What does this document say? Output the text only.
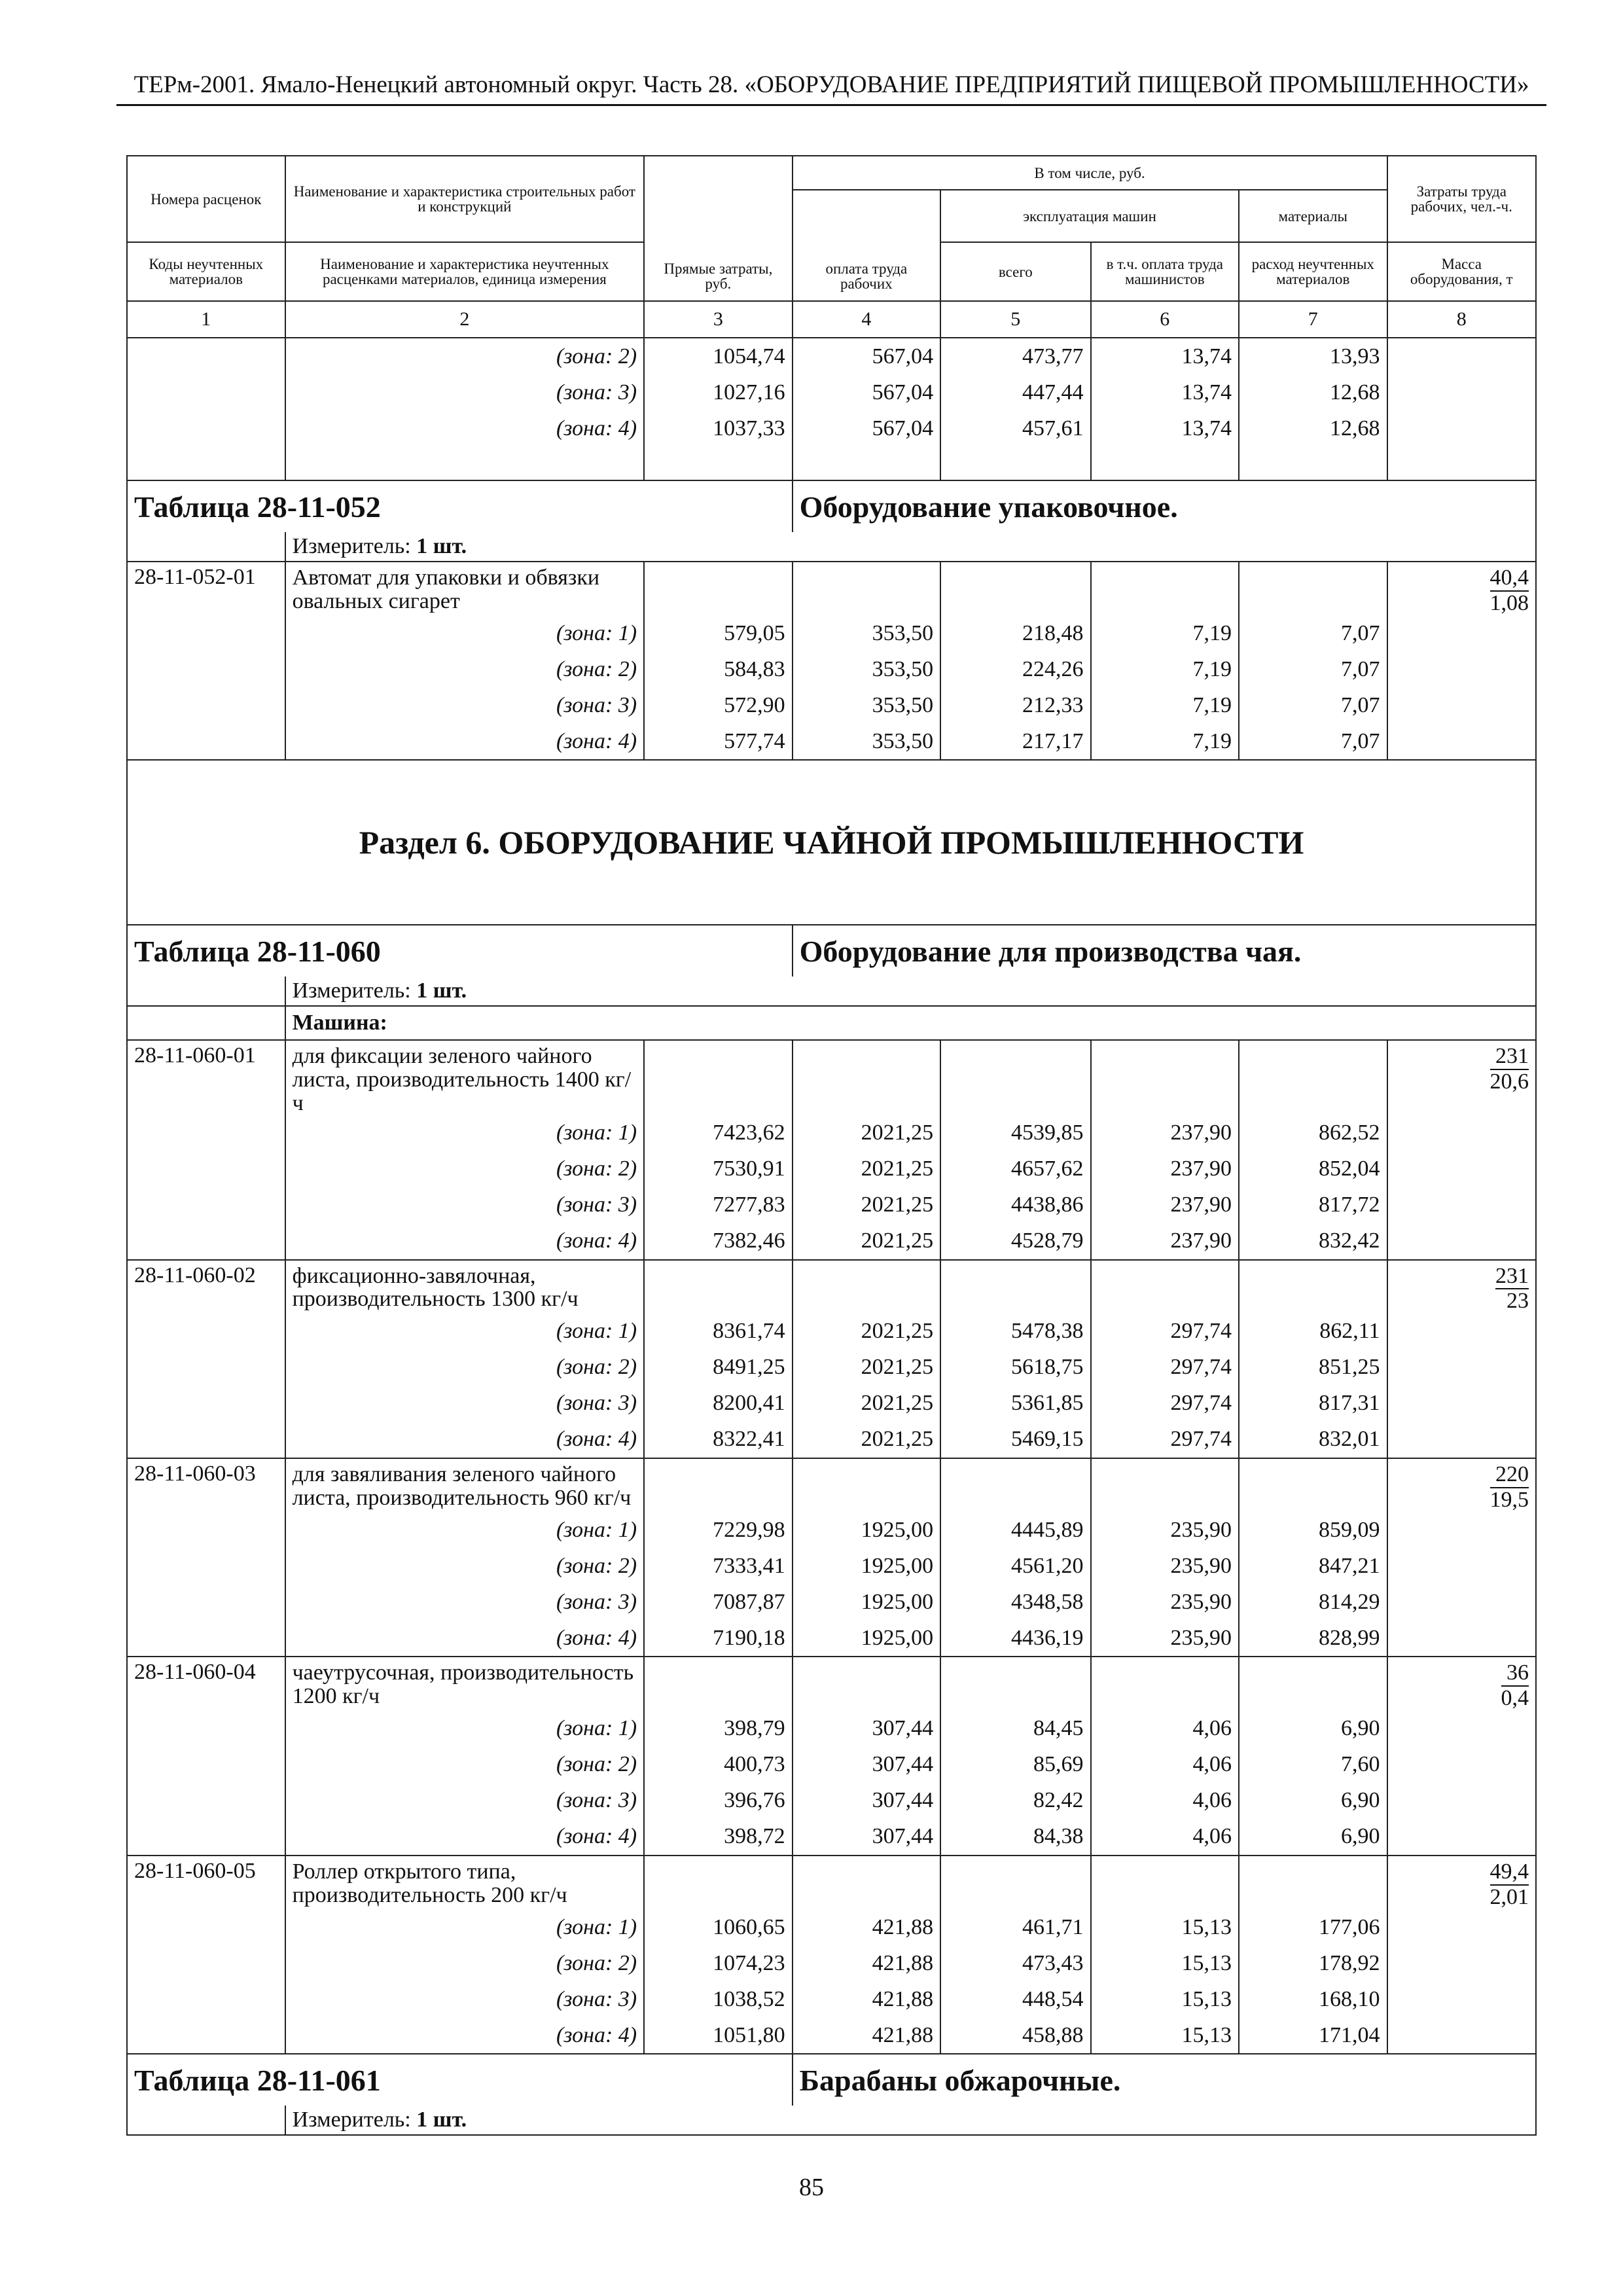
ТЕРм-2001. Ямало-Ненецкий автономный округ. Часть 28. «ОБОРУДОВАНИЕ ПРЕДПРИЯТИЙ ПИЩЕВОЙ ПРОМЫШЛЕННОСТИ»
Номера расценок	Наименование и характеристика строительных работ и конструкций	Прямые затраты, руб.	В том числе, руб.				Затраты труда рабочих, чел.-ч.
			оплата труда рабочих	эксплуатация машин		материалы	

Коды неучтенных материалов	Наименование и характеристика неучтенных расценками материалов, единица измерения			всего	в т.ч. оплата труда машинистов	расход неучтенных материалов	Масса оборудования, т

1	2	3	4	5	6	7	8
	(зона: 2)	1054,74	567,04	473,77	13,74	13,93	
	(зона: 3)	1027,16	567,04	447,44	13,74	12,68	
	(зона: 4)	1037,33	567,04	457,61	13,74	12,68	

Таблица 28-11-052			Оборудование упаковочное.				
	Измеритель: 1 шт.						
28-11-052-01	Автомат для упаковки и обвязки овальных сигарет						$\frac{40,4}{1,08}$

	(зона: 1)	579,05	353,50	218,48	7,19	7,07	
	(зона: 2)	584,83	353,50	224,26	7,19	7,07	
	(зона: 3)	572,90	353,50	212,33	7,19	7,07	
	(зона: 4)	577,74	353,50	217,17	7,19	7,07	
Раздел 6. ОБОРУДОВАНИЕ ЧАЙНОЙ ПРОМЫШЛЕННОСТИ							
Таблица 28-11-060			Оборудование для производства чая.				
	Измеритель: 1 шт.						
	Машина:						
28-11-060-01	для фиксации зеленого чайного листа, производительность 1400 кг/ч						$\frac{231}{20,6}$

	(зона: 1)	7423,62	2021,25	4539,85	237,90	862,52	
	(зона: 2)	7530,91	2021,25	4657,62	237,90	852,04	
	(зона: 3)	7277,83	2021,25	4438,86	237,90	817,72	
	(зона: 4)	7382,46	2021,25	4528,79	237,90	832,42	
28-11-060-02	фиксационно-завялочная, производительность 1300 кг/ч						$\frac{231}{23}$

	(зона: 1)	8361,74	2021,25	5478,38	297,74	862,11	
	(зона: 2)	8491,25	2021,25	5618,75	297,74	851,25	
	(зона: 3)	8200,41	2021,25	5361,85	297,74	817,31	
	(зона: 4)	8322,41	2021,25	5469,15	297,74	832,01	
28-11-060-03	для завяливания зеленого чайного листа, производительность 960 кг/ч						$\frac{220}{19,5}$

	(зона: 1)	7229,98	1925,00	4445,89	235,90	859,09	
	(зона: 2)	7333,41	1925,00	4561,20	235,90	847,21	
	(зона: 3)	7087,87	1925,00	4348,58	235,90	814,29	
	(зона: 4)	7190,18	1925,00	4436,19	235,90	828,99	
28-11-060-04	чаеутрусочная, производительность 1200 кг/ч						$\frac{36}{0,4}$

	(зона: 1)	398,79	307,44	84,45	4,06	6,90	
	(зона: 2)	400,73	307,44	85,69	4,06	7,60	
	(зона: 3)	396,76	307,44	82,42	4,06	6,90	
	(зона: 4)	398,72	307,44	84,38	4,06	6,90	
28-11-060-05	Роллер открытого типа, производительность 200 кг/ч						$\frac{49,4}{2,01}$

	(зона: 1)	1060,65	421,88	461,71	15,13	177,06	
	(зона: 2)	1074,23	421,88	473,43	15,13	178,92	
	(зона: 3)	1038,52	421,88	448,54	15,13	168,10	
	(зона: 4)	1051,80	421,88	458,88	15,13	171,04	
Таблица 28-11-061			Барабаны обжарочные.				
	Измеритель: 1 шт.						
85
